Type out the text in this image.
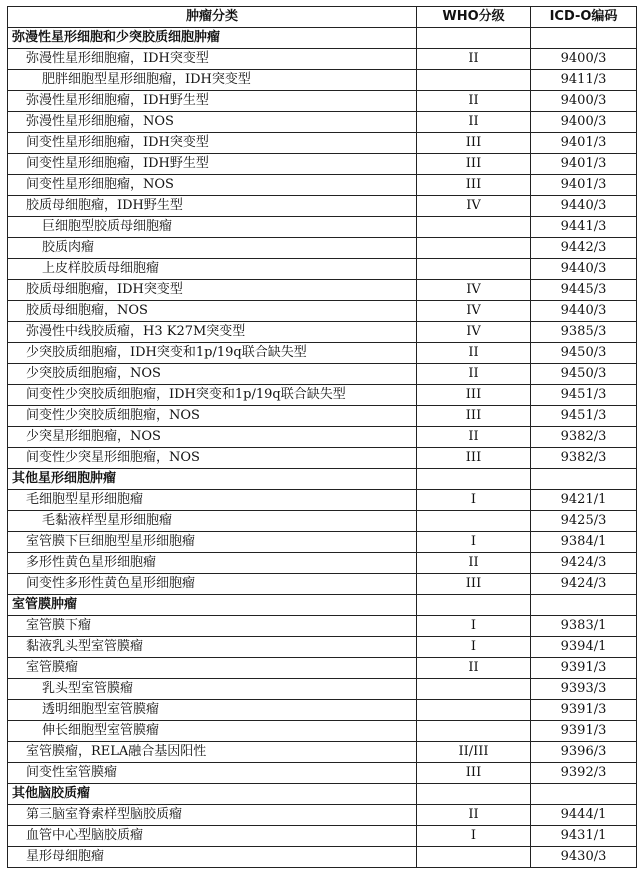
肿瘤分类	WHO分级	ICD-O编码
弥漫性星形细胞和少突胶质细胞肿瘤		
弥漫性星形细胞瘤，IDH突变型	II	9400/3
肥胖细胞型星形细胞瘤，IDH突变型		9411/3
弥漫性星形细胞瘤，IDH野生型	II	9400/3
弥漫性星形细胞瘤，NOS	II	9400/3
间变性星形细胞瘤，IDH突变型	III	9401/3
间变性星形细胞瘤，IDH野生型	III	9401/3
间变性星形细胞瘤，NOS	III	9401/3
胶质母细胞瘤，IDH野生型	IV	9440/3
巨细胞型胶质母细胞瘤		9441/3
胶质肉瘤		9442/3
上皮样胶质母细胞瘤		9440/3
胶质母细胞瘤，IDH突变型	IV	9445/3
胶质母细胞瘤，NOS	IV	9440/3
弥漫性中线胶质瘤，H3 K27M突变型	IV	9385/3
少突胶质细胞瘤，IDH突变和1p/19q联合缺失型	II	9450/3
少突胶质细胞瘤，NOS	II	9450/3
间变性少突胶质细胞瘤，IDH突变和1p/19q联合缺失型	III	9451/3
间变性少突胶质细胞瘤，NOS	III	9451/3
少突星形细胞瘤，NOS	II	9382/3
间变性少突星形细胞瘤，NOS	III	9382/3
其他星形细胞肿瘤		
毛细胞型星形细胞瘤	I	9421/1
毛黏液样型星形细胞瘤		9425/3
室管膜下巨细胞型星形细胞瘤	I	9384/1
多形性黄色星形细胞瘤	II	9424/3
间变性多形性黄色星形细胞瘤	III	9424/3
室管膜肿瘤		
室管膜下瘤	I	9383/1
黏液乳头型室管膜瘤	I	9394/1
室管膜瘤	II	9391/3
乳头型室管膜瘤		9393/3
透明细胞型室管膜瘤		9391/3
伸长细胞型室管膜瘤		9391/3
室管膜瘤，RELA融合基因阳性	II/III	9396/3
间变性室管膜瘤	III	9392/3
其他脑胶质瘤		
第三脑室脊索样型脑胶质瘤	II	9444/1
血管中心型脑胶质瘤	I	9431/1
星形母细胞瘤		9430/3
